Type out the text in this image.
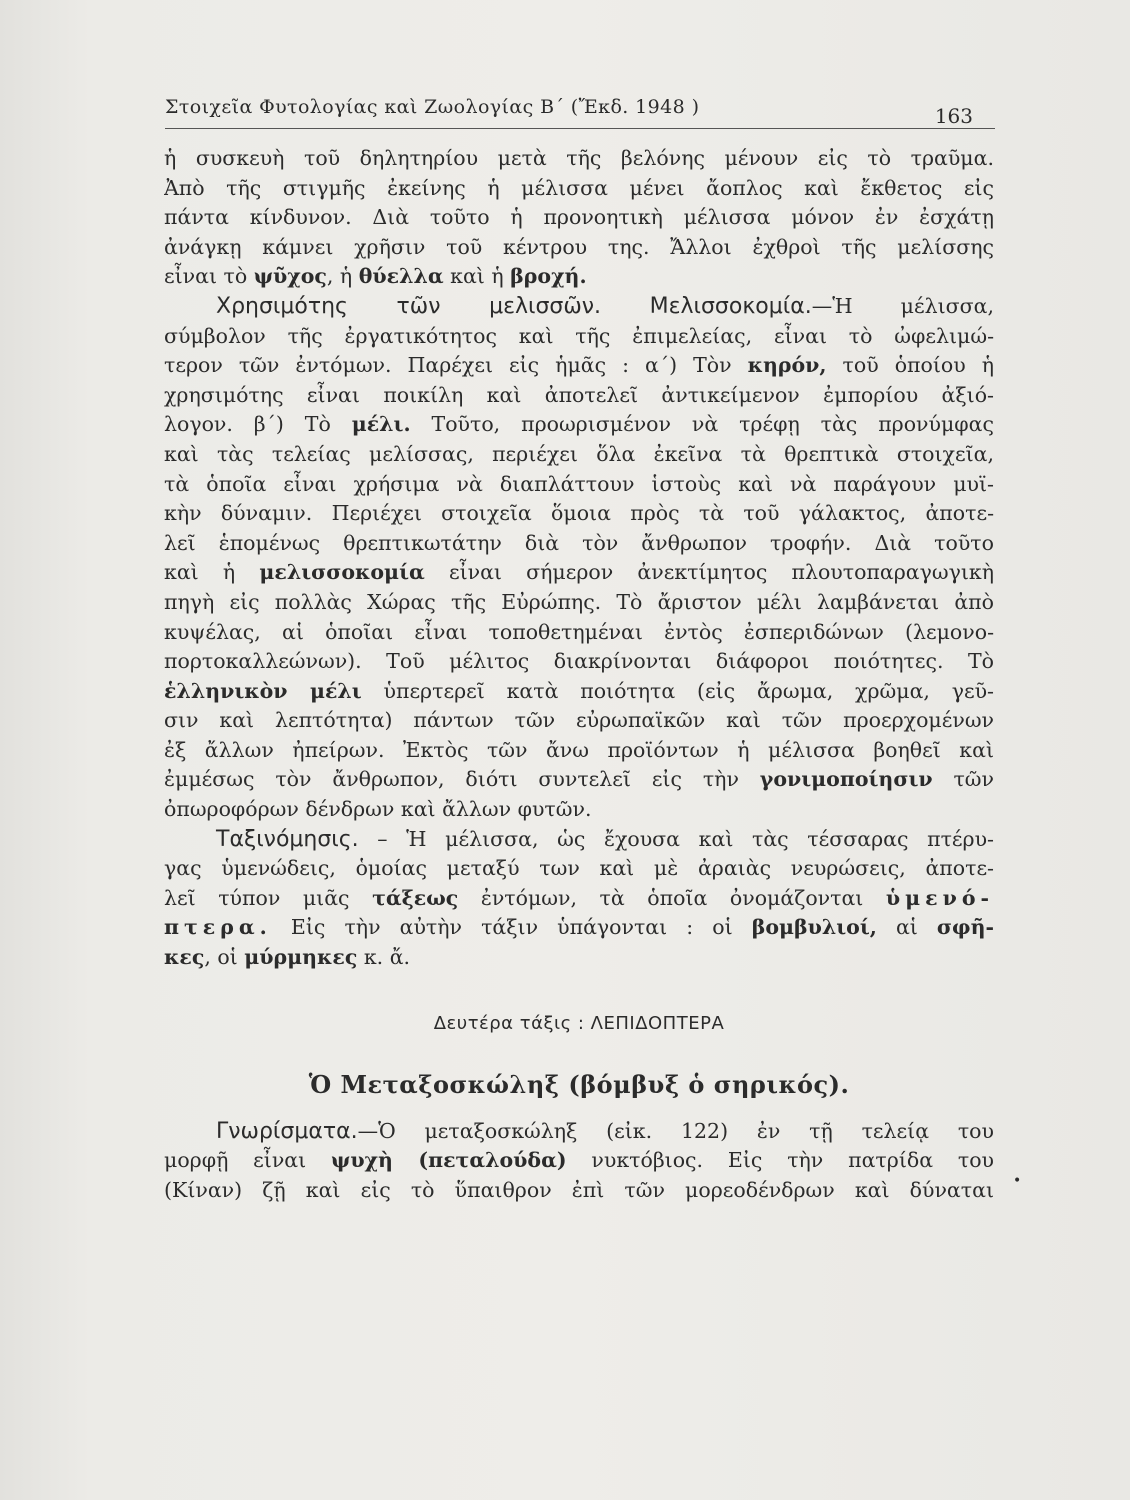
Στοιχεῖα Φυτολογίας καὶ Ζωολογίας Β΄ (Ἔκδ. 1948 )	163
ἡ συσκευὴ τοῦ δηλητηρίου μετὰ τῆς βελόνης μένουν εἰς τὸ τραῦμα.
Ἀπὸ τῆς στιγμῆς ἐκείνης ἡ μέλισσα μένει ἄοπλος καὶ ἔκθετος εἰς
πάντα κίνδυνον. Διὰ τοῦτο ἡ προνοητικὴ μέλισσα μόνον ἐν ἐσχάτῃ
ἀνάγκῃ κάμνει χρῆσιν τοῦ κέντρου της. Ἄλλοι ἐχθροὶ τῆς μελίσσης
εἶναι τὸ ψῦχος, ἡ θύελλα καὶ ἡ βροχή.
Χρησιμότης τῶν μελισσῶν. Μελισσοκομία.—Ἡ μέλισσα,
σύμβολον τῆς ἐργατικότητος καὶ τῆς ἐπιμελείας, εἶναι τὸ ὠφελιμώ-
τερον τῶν ἐντόμων. Παρέχει εἰς ἡμᾶς : α΄) Τὸν κηρόν, τοῦ ὁποίου ἡ
χρησιμότης εἶναι ποικίλη καὶ ἀποτελεῖ ἀντικείμενον ἐμπορίου ἀξιό-
λογον. β΄) Τὸ μέλι. Τοῦτο, προωρισμένον νὰ τρέφῃ τὰς προνύμφας
καὶ τὰς τελείας μελίσσας, περιέχει ὅλα ἐκεῖνα τὰ θρεπτικὰ στοιχεῖα,
τὰ ὁποῖα εἶναι χρήσιμα νὰ διαπλάττουν ἱστοὺς καὶ νὰ παράγουν μυϊ-
κὴν δύναμιν. Περιέχει στοιχεῖα ὅμοια πρὸς τὰ τοῦ γάλακτος, ἀποτε-
λεῖ ἑπομένως θρεπτικωτάτην διὰ τὸν ἄνθρωπον τροφήν. Διὰ τοῦτο
καὶ ἡ μελισσοκομία εἶναι σήμερον ἀνεκτίμητος πλουτοπαραγωγικὴ
πηγὴ εἰς πολλὰς Χώρας τῆς Εὐρώπης. Τὸ ἄριστον μέλι λαμβάνεται ἀπὸ
κυψέλας, αἱ ὁποῖαι εἶναι τοποθετημέναι ἐντὸς ἐσπεριδώνων (λεμονο-
πορτοκαλλεώνων). Τοῦ μέλιτος διακρίνονται διάφοροι ποιότητες. Τὸ
ἑλληνικὸν μέλι ὑπερτερεῖ κατὰ ποιότητα (εἰς ἄρωμα, χρῶμα, γεῦ-
σιν καὶ λεπτότητα) πάντων τῶν εὐρωπαϊκῶν καὶ τῶν προερχομένων
ἐξ ἄλλων ἠπείρων. Ἐκτὸς τῶν ἄνω προϊόντων ἡ μέλισσα βοηθεῖ καὶ
ἐμμέσως τὸν ἄνθρωπον, διότι συντελεῖ εἰς τὴν γονιμοποίησιν τῶν
ὀπωροφόρων δένδρων καὶ ἄλλων φυτῶν.
Ταξινόμησις. – Ἡ μέλισσα, ὡς ἔχουσα καὶ τὰς τέσσαρας πτέρυ-
γας ὑμενώδεις, ὁμοίας μεταξύ των καὶ μὲ ἀραιὰς νευρώσεις, ἀποτε-
λεῖ τύπον μιᾶς τάξεως ἐντόμων, τὰ ὁποῖα ὀνομάζονται ὑμενό-
πτερα. Εἰς τὴν αὐτὴν τάξιν ὑπάγονται : οἱ βομβυλιοί, αἱ σφῆ-
κες, οἱ μύρμηκες κ. ἄ.
Δευτέρα τάξις : ΛΕΠΙΔΟΠΤΕΡΑ
Ὁ Μεταξοσκώληξ (βόμβυξ ὁ σηρικός).
Γνωρίσματα.—Ὁ μεταξοσκώληξ (εἰκ. 122) ἐν τῇ τελείᾳ του
μορφῇ εἶναι ψυχὴ (πεταλούδα) νυκτόβιος. Εἰς τὴν πατρίδα του
(Κίναν) ζῇ καὶ εἰς τὸ ὕπαιθρον ἐπὶ τῶν μορεοδένδρων καὶ δύναται •
